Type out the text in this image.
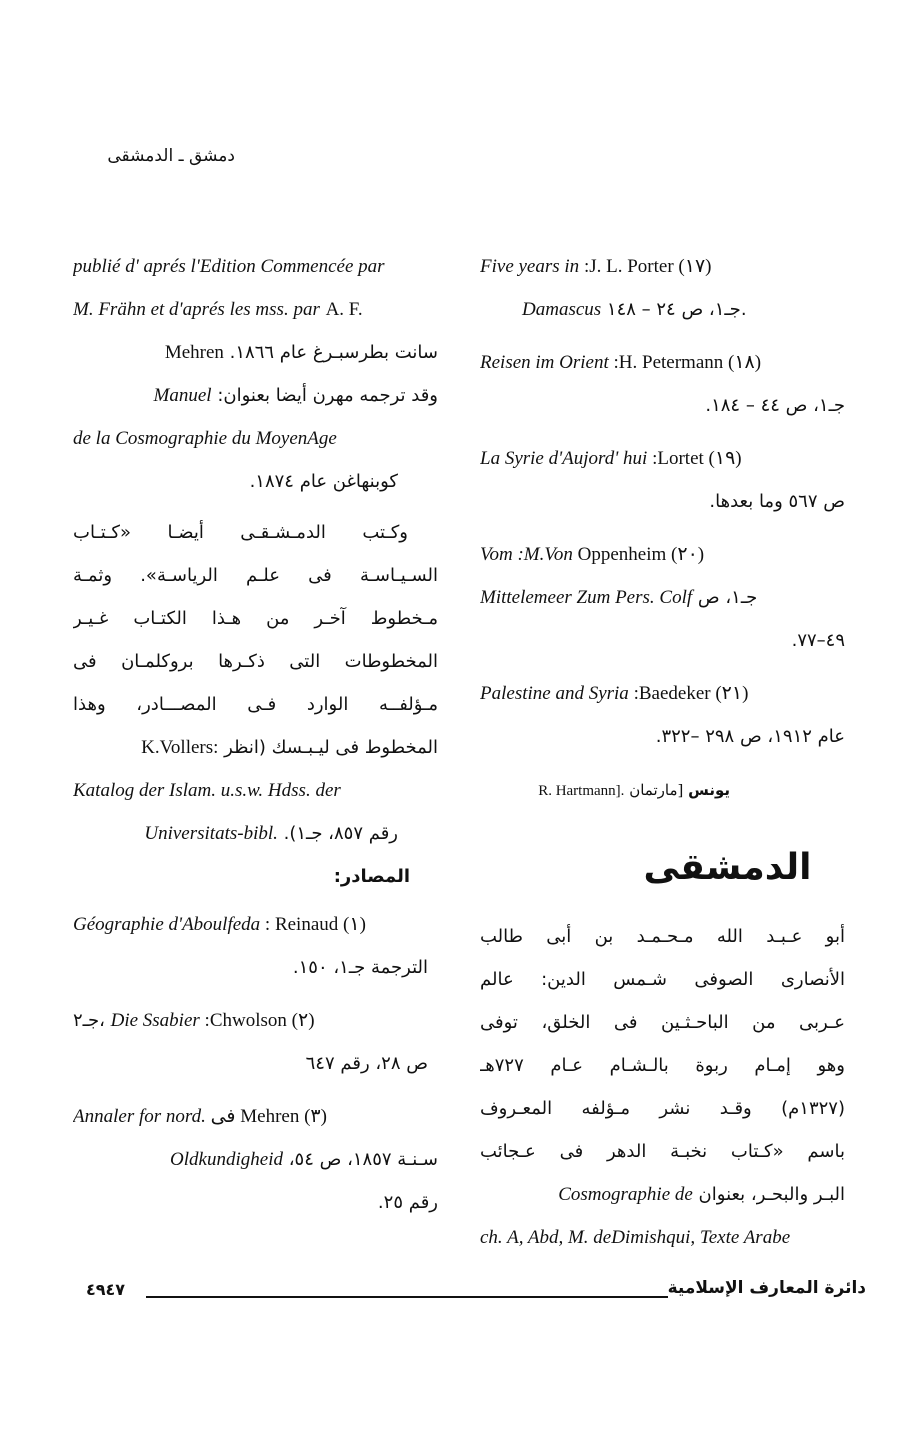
دمشق ـ الدمشقى
Five years in :J. L. Porter (١٧)
Damascus جـ١، ص ٢٤ – ١٤٨.
Reisen im Orient :H. Petermann (١٨)
جـ١، ص ٤٤ – ١٨٤.
La Syrie d'Aujord' hui :Lortet (١٩)
ص ٥٦٧ وما بعدها.
Vom :M.Von Oppenheim (٢٠)
Mittelemeer Zum Pers. Colf جـ١، ص
٤٩–٧٧.
Palestine and Syria :Baedeker (٢١)
عام ١٩١٢، ص ٢٩٨ –٣٢٢.
يونس [مارتمان R. Hartmann].
الدمشقى
أبو عـبـد الله مـحـمـد بن أبى طالب
الأنصارى الصوفى شـمس الدين: عالم
عـربى من الباحـثـين فى الخلق، توفى
وهو إمـام ربوة بالـشـام عـام ٧٢٧هـ
(١٣٢٧م) وقـد نشر مـؤلفه المعـروف
باسم «كـتاب نخبـة الدهر فى عـجائب
البـر والبحـر، بعنوان Cosmographie de
ch. A, Abd, M. deDimishqui, Texte Arabe
publié d' aprés l'Edition Commencée par
M. Frähn et d'aprés les mss. par A. F.
سانت بطرسبـرغ عام ١٨٦٦. Mehren
وقد ترجمه مهرن أيضا بعنوان: Manuel
de la Cosmographie du MoyenAge
كوبنهاغن عام ١٨٧٤.
وكـتب الدمـشـقـى أيضـا «كـتـاب
السـيـاسـة فى علـم الرياسـة». وثمـة
مـخطوط آخـر من هـذا الكتـاب غـيـر
المخطوطات التى ذكـرها بروكلمـان فى
مـؤلفــه الوارد فـى المصـــادر، وهذا
المخطوط فى ليـبـسك (انظر K.Vollers:
Katalog der Islam. u.s.w. Hdss. der
رقم ٨٥٧، جـ١). Universitats-bibl.
المصادر:
Géographie d'Aboulfeda : Reinaud (١)
الترجمة جـ١، ١٥٠.
جـ٢، Die Ssabier :Chwolson (٢)
ص ٢٨، رقم ٦٤٧
Annaler for nord. فى Mehren (٣)
سـنـة ١٨٥٧، ص ٥٤، Oldkundigheid
رقم ٢٥.
٤٩٤٧	دائرة المعارف الإسلامية
